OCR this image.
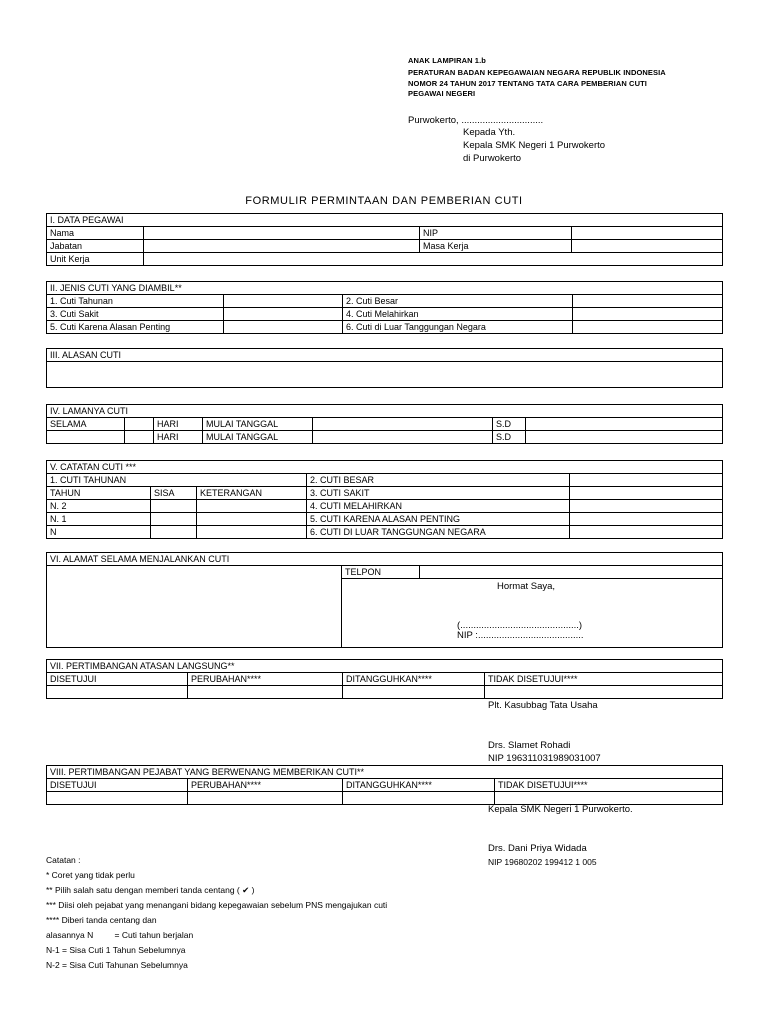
ANAK LAMPIRAN 1.b
PERATURAN BADAN KEPEGAWAIAN NEGARA REPUBLIK INDONESIA
NOMOR 24 TAHUN 2017 TENTANG TATA CARA PEMBERIAN CUTI
PEGAWAI NEGERI
Purwokerto, ...............................
Kepada Yth.
Kepala SMK Negeri 1 Purwokerto
di Purwokerto
FORMULIR PERMINTAAN DAN PEMBERIAN CUTI
I. DATA PEGAWAI			
Nama		NIP	
Jabatan		Masa Kerja	
Unit Kerja			
II. JENIS CUTI YANG DIAMBIL**			
1. Cuti Tahunan		2. Cuti Besar	
3. Cuti Sakit		4. Cuti Melahirkan	
5. Cuti Karena Alasan Penting		6. Cuti di Luar Tanggungan Negara	
III. ALASAN CUTI

IV. LAMANYA CUTI						
SELAMA		HARI	MULAI TANGGAL		S.D	
		HARI	MULAI TANGGAL		S.D	
V. CATATAN CUTI ***				
1. CUTI TAHUNAN			2. CUTI BESAR	
TAHUN	SISA	KETERANGAN	3. CUTI SAKIT	
N. 2			4. CUTI MELAHIRKAN	
N. 1			5. CUTI KARENA ALASAN PENTING	
N			6. CUTI DI LUAR TANGGUNGAN NEGARA	
VI. ALAMAT SELAMA MENJALANKAN CUTI		
	TELPON	

Hormat Saya,
(.............................................)
NIP :........................................
VII. PERTIMBANGAN ATASAN LANGSUNG**			
DISETUJUI	PERUBAHAN****	DITANGGUHKAN****	TIDAK DISETUJUI****

Plt. Kasubbag Tata Usaha
Drs. Slamet Rohadi
NIP 196311031989031007
VIII. PERTIMBANGAN PEJABAT YANG BERWENANG MEMBERIKAN CUTI**			
DISETUJUI	PERUBAHAN****	DITANGGUHKAN****	TIDAK DISETUJUI****

Kepala SMK Negeri 1 Purwokerto.
Drs. Dani Priya Widada
NIP 19680202 199412 1 005
Catatan :
* Coret yang tidak perlu
** Pilih salah satu dengan memberi tanda centang ( ✔ )
*** Diisi oleh pejabat yang menangani bidang kepegawaian sebelum PNS mengajukan cuti
**** Diberi tanda centang dan
alasannya N         = Cuti tahun berjalan
N-1 = Sisa Cuti 1 Tahun Sebelumnya
N-2 = Sisa Cuti Tahunan Sebelumnya
